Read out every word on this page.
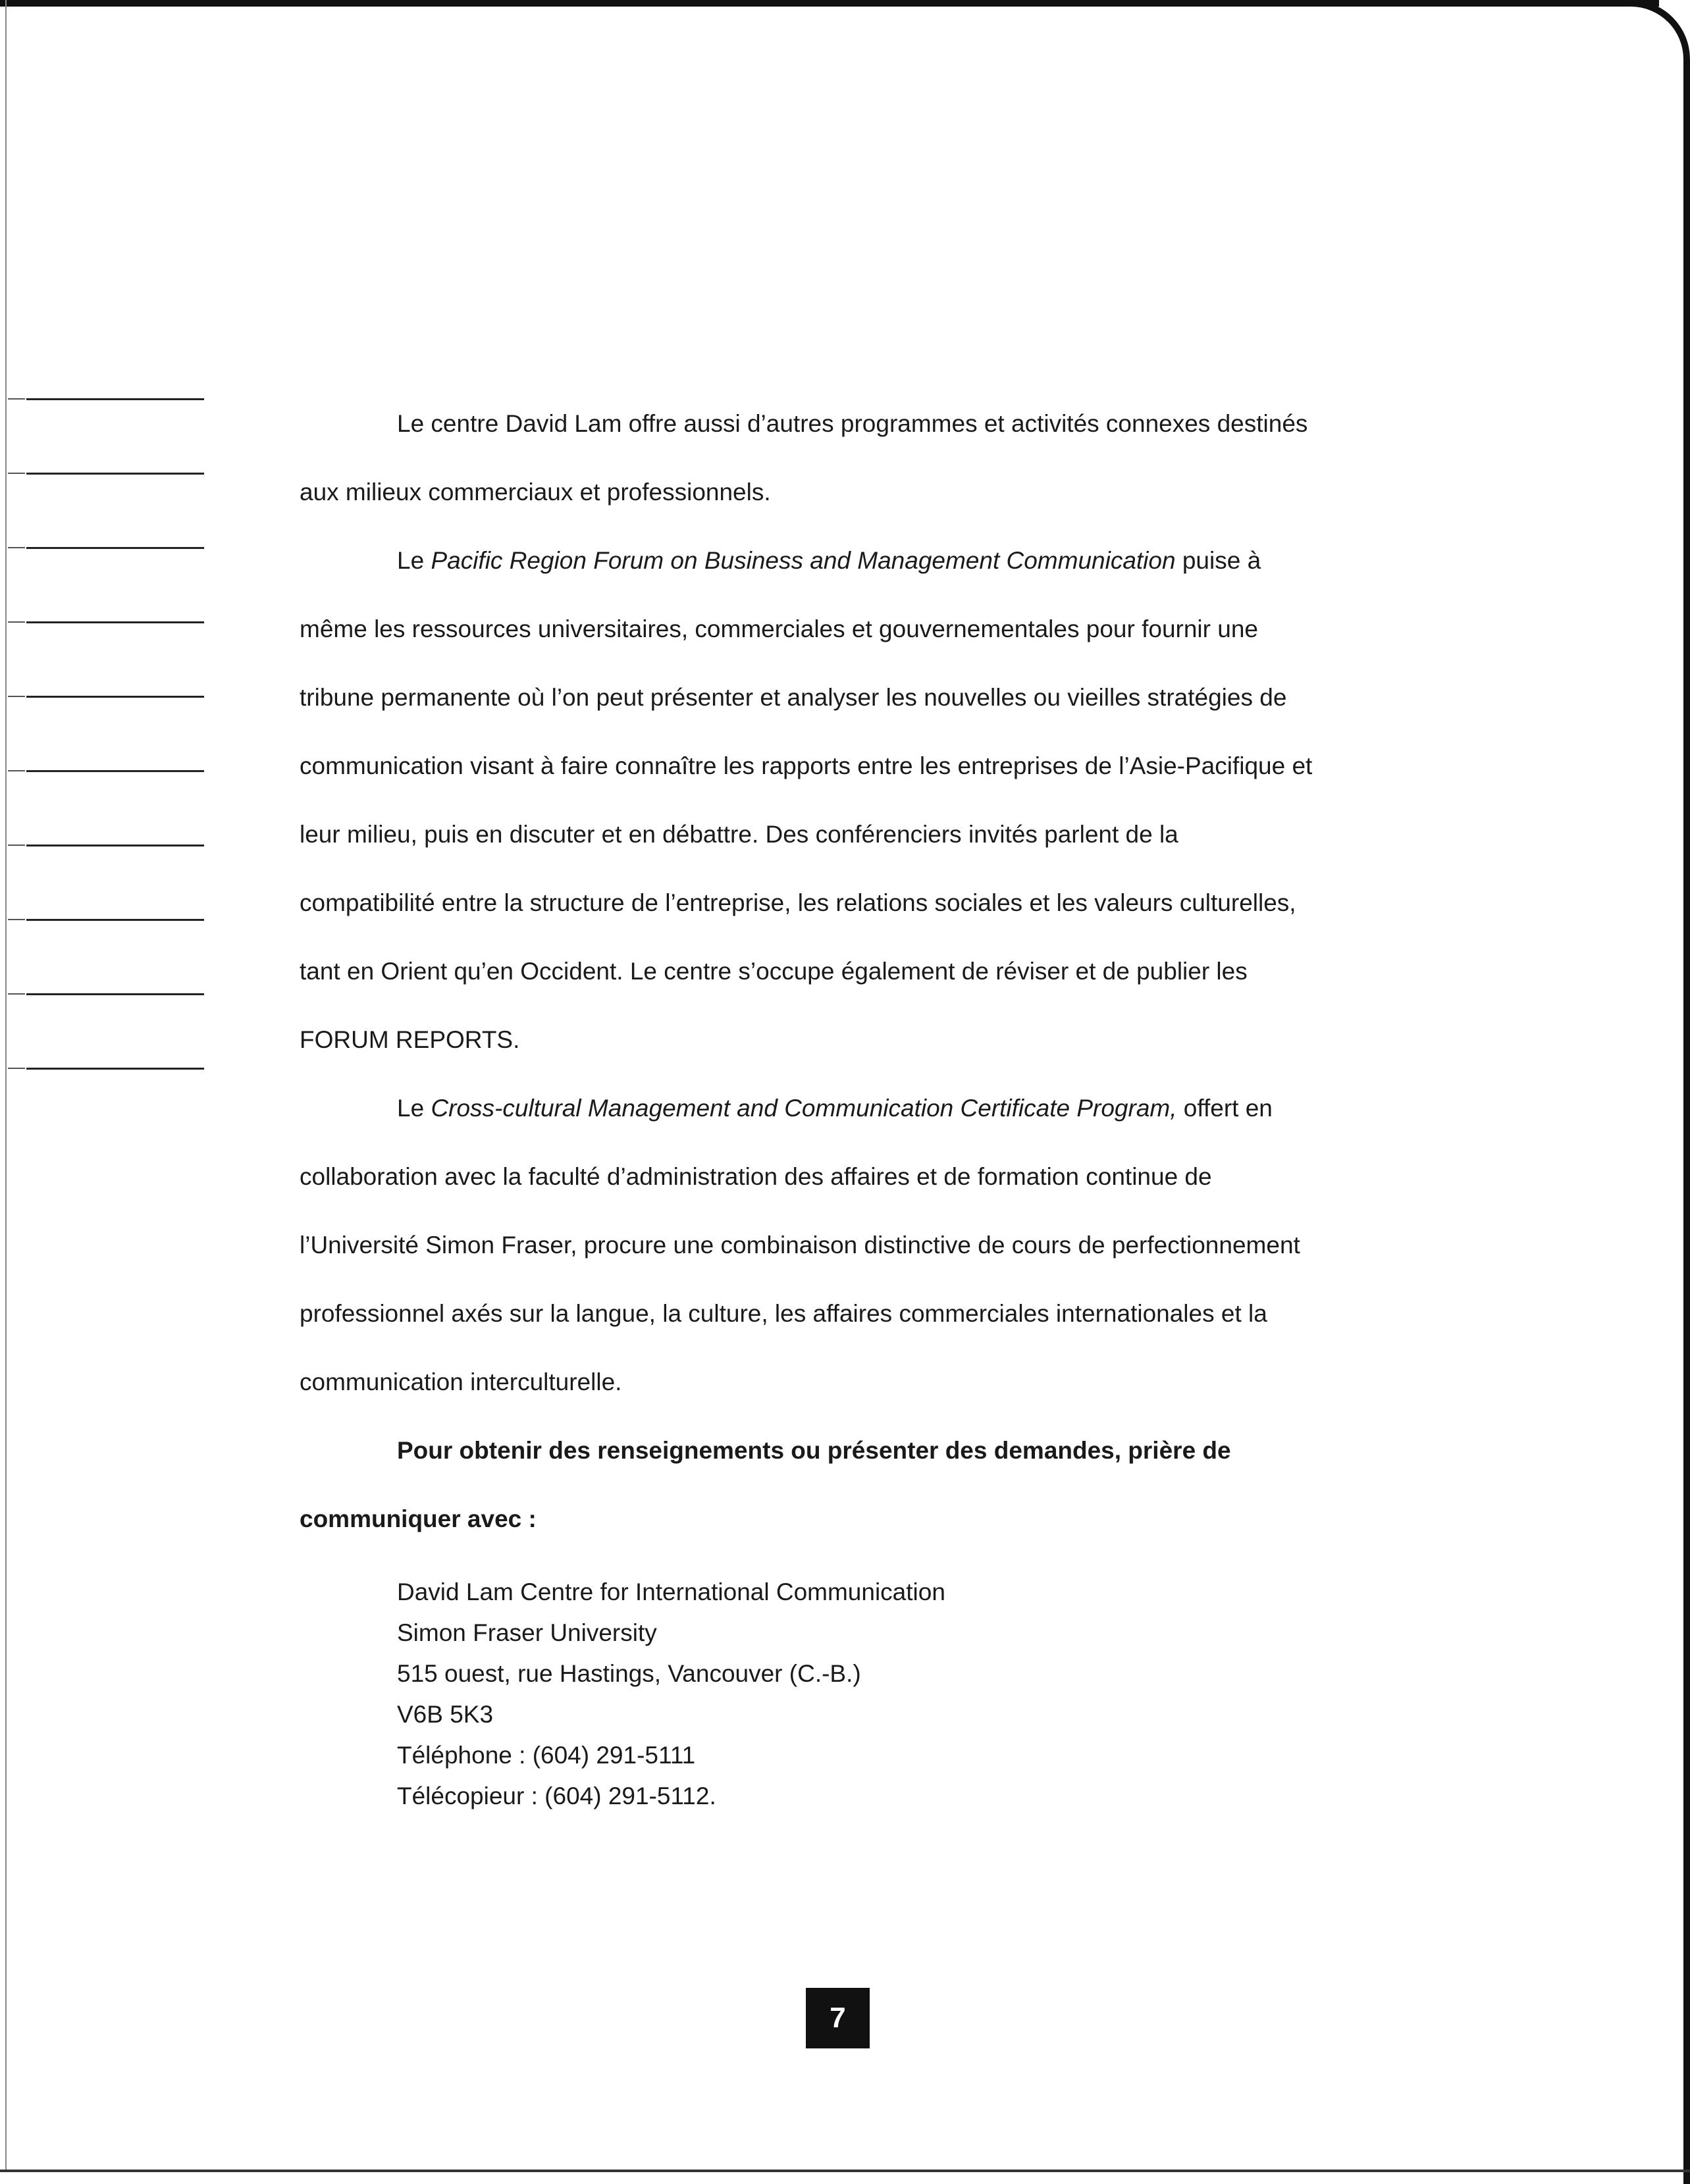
Le centre David Lam offre aussi d’autres programmes et activités connexes destinés aux milieux commerciaux et professionnels.

Le Pacific Region Forum on Business and Management Communication puise à même les ressources universitaires, commerciales et gouvernementales pour fournir une tribune permanente où l’on peut présenter et analyser les nouvelles ou vieilles stratégies de communication visant à faire connaître les rapports entre les entreprises de l’Asie-Pacifique et leur milieu, puis en discuter et en débattre. Des conférenciers invités parlent de la compatibilité entre la structure de l’entreprise, les relations sociales et les valeurs culturelles, tant en Orient qu’en Occident. Le centre s’occupe également de réviser et de publier les FORUM REPORTS.

Le Cross-cultural Management and Communication Certificate Program, offert en collaboration avec la faculté d’administration des affaires et de formation continue de l’Université Simon Fraser, procure une combinaison distinctive de cours de perfectionnement professionnel axés sur la langue, la culture, les affaires commerciales internationales et la communication interculturelle.

Pour obtenir des renseignements ou présenter des demandes, prière de communiquer avec :

David Lam Centre for International Communication
Simon Fraser University
515 ouest, rue Hastings, Vancouver (C.-B.)
V6B 5K3
Téléphone : (604) 291-5111
Télécopieur : (604) 291-5112.
7
